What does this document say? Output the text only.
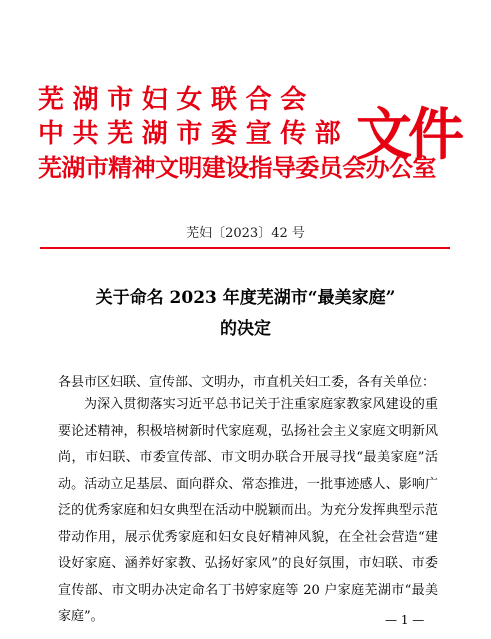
芜湖市妇女联合会
中共芜湖市委宣传部
芜湖市精神文明建设指导委员会办公室
文件
芜妇〔2023〕42 号
关于命名 2023 年度芜湖市“最美家庭”
的决定
各县市区妇联、宣传部、文明办，市直机关妇工委，各有关单位：

为深入贯彻落实习近平总书记关于注重家庭家教家风建设的重要论述精神，积极培树新时代家庭观，弘扬社会主义家庭文明新风尚，市妇联、市委宣传部、市文明办联合开展寻找“最美家庭”活动。活动立足基层、面向群众、常态推进，一批事迹感人、影响广泛的优秀家庭和妇女典型在活动中脱颖而出。为充分发挥典型示范带动作用，展示优秀家庭和妇女良好精神风貌，在全社会营造“建设好家庭、涵养好家教、弘扬好家风”的良好氛围，市妇联、市委宣传部、市文明办决定命名丁书婷家庭等 20 户家庭芜湖市“最美家庭”。	— 1 —
